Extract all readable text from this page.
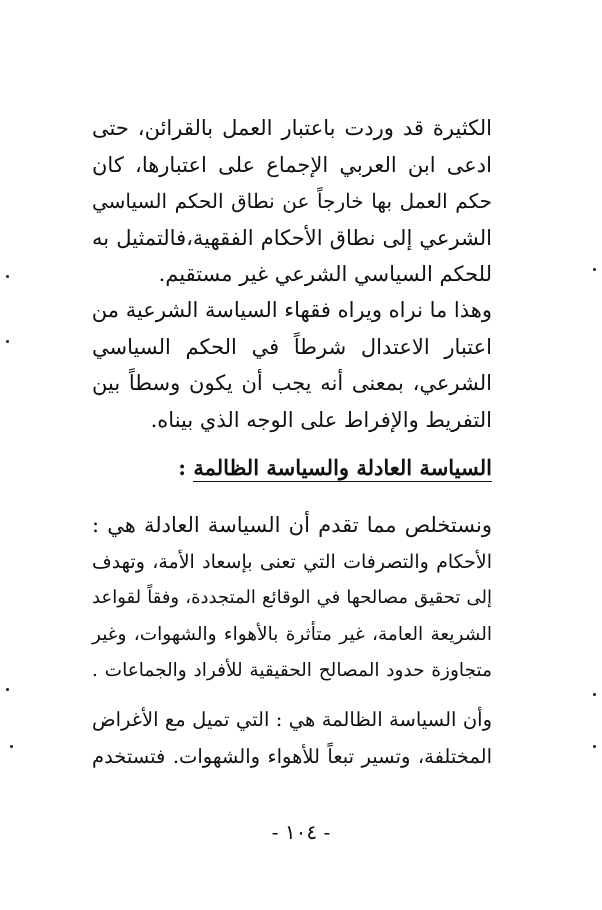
الكثيرة قد وردت باعتبار العمل بالقرائن، حتى
ادعى ابن العربي الإجماع على اعتبارها، كان
حكم العمل بها خارجاً عن نطاق الحكم السياسي
الشرعي إلى نطاق الأحكام الفقهية،فالتمثيل به
للحكم السياسي الشرعي غير مستقيم.
وهذا ما نراه ويراه فقهاء السياسة الشرعية من
اعتبار الاعتدال شرطاً في الحكم السياسي
الشرعي، بمعنى أنه يجب أن يكون وسطاً بين
التفريط والإفراط على الوجه الذي بيناه.
السياسة العادلة والسياسة الظالمة :
ونستخلص مما تقدم أن السياسة العادلة هي :
الأحكام والتصرفات التي تعنى بإسعاد الأمة، وتهدف
إلى تحقيق مصالحها في الوقائع المتجددة، وفقاً لقواعد
الشريعة العامة، غير متأثرة بالأهواء والشهوات، وغير
متجاوزة حدود المصالح الحقيقية للأفراد والجماعات .
وأن السياسة الظالمة هي : التي تميل مع الأغراض
المختلفة، وتسير تبعاً للأهواء والشهوات. فتستخدم
- ١٠٤ -
